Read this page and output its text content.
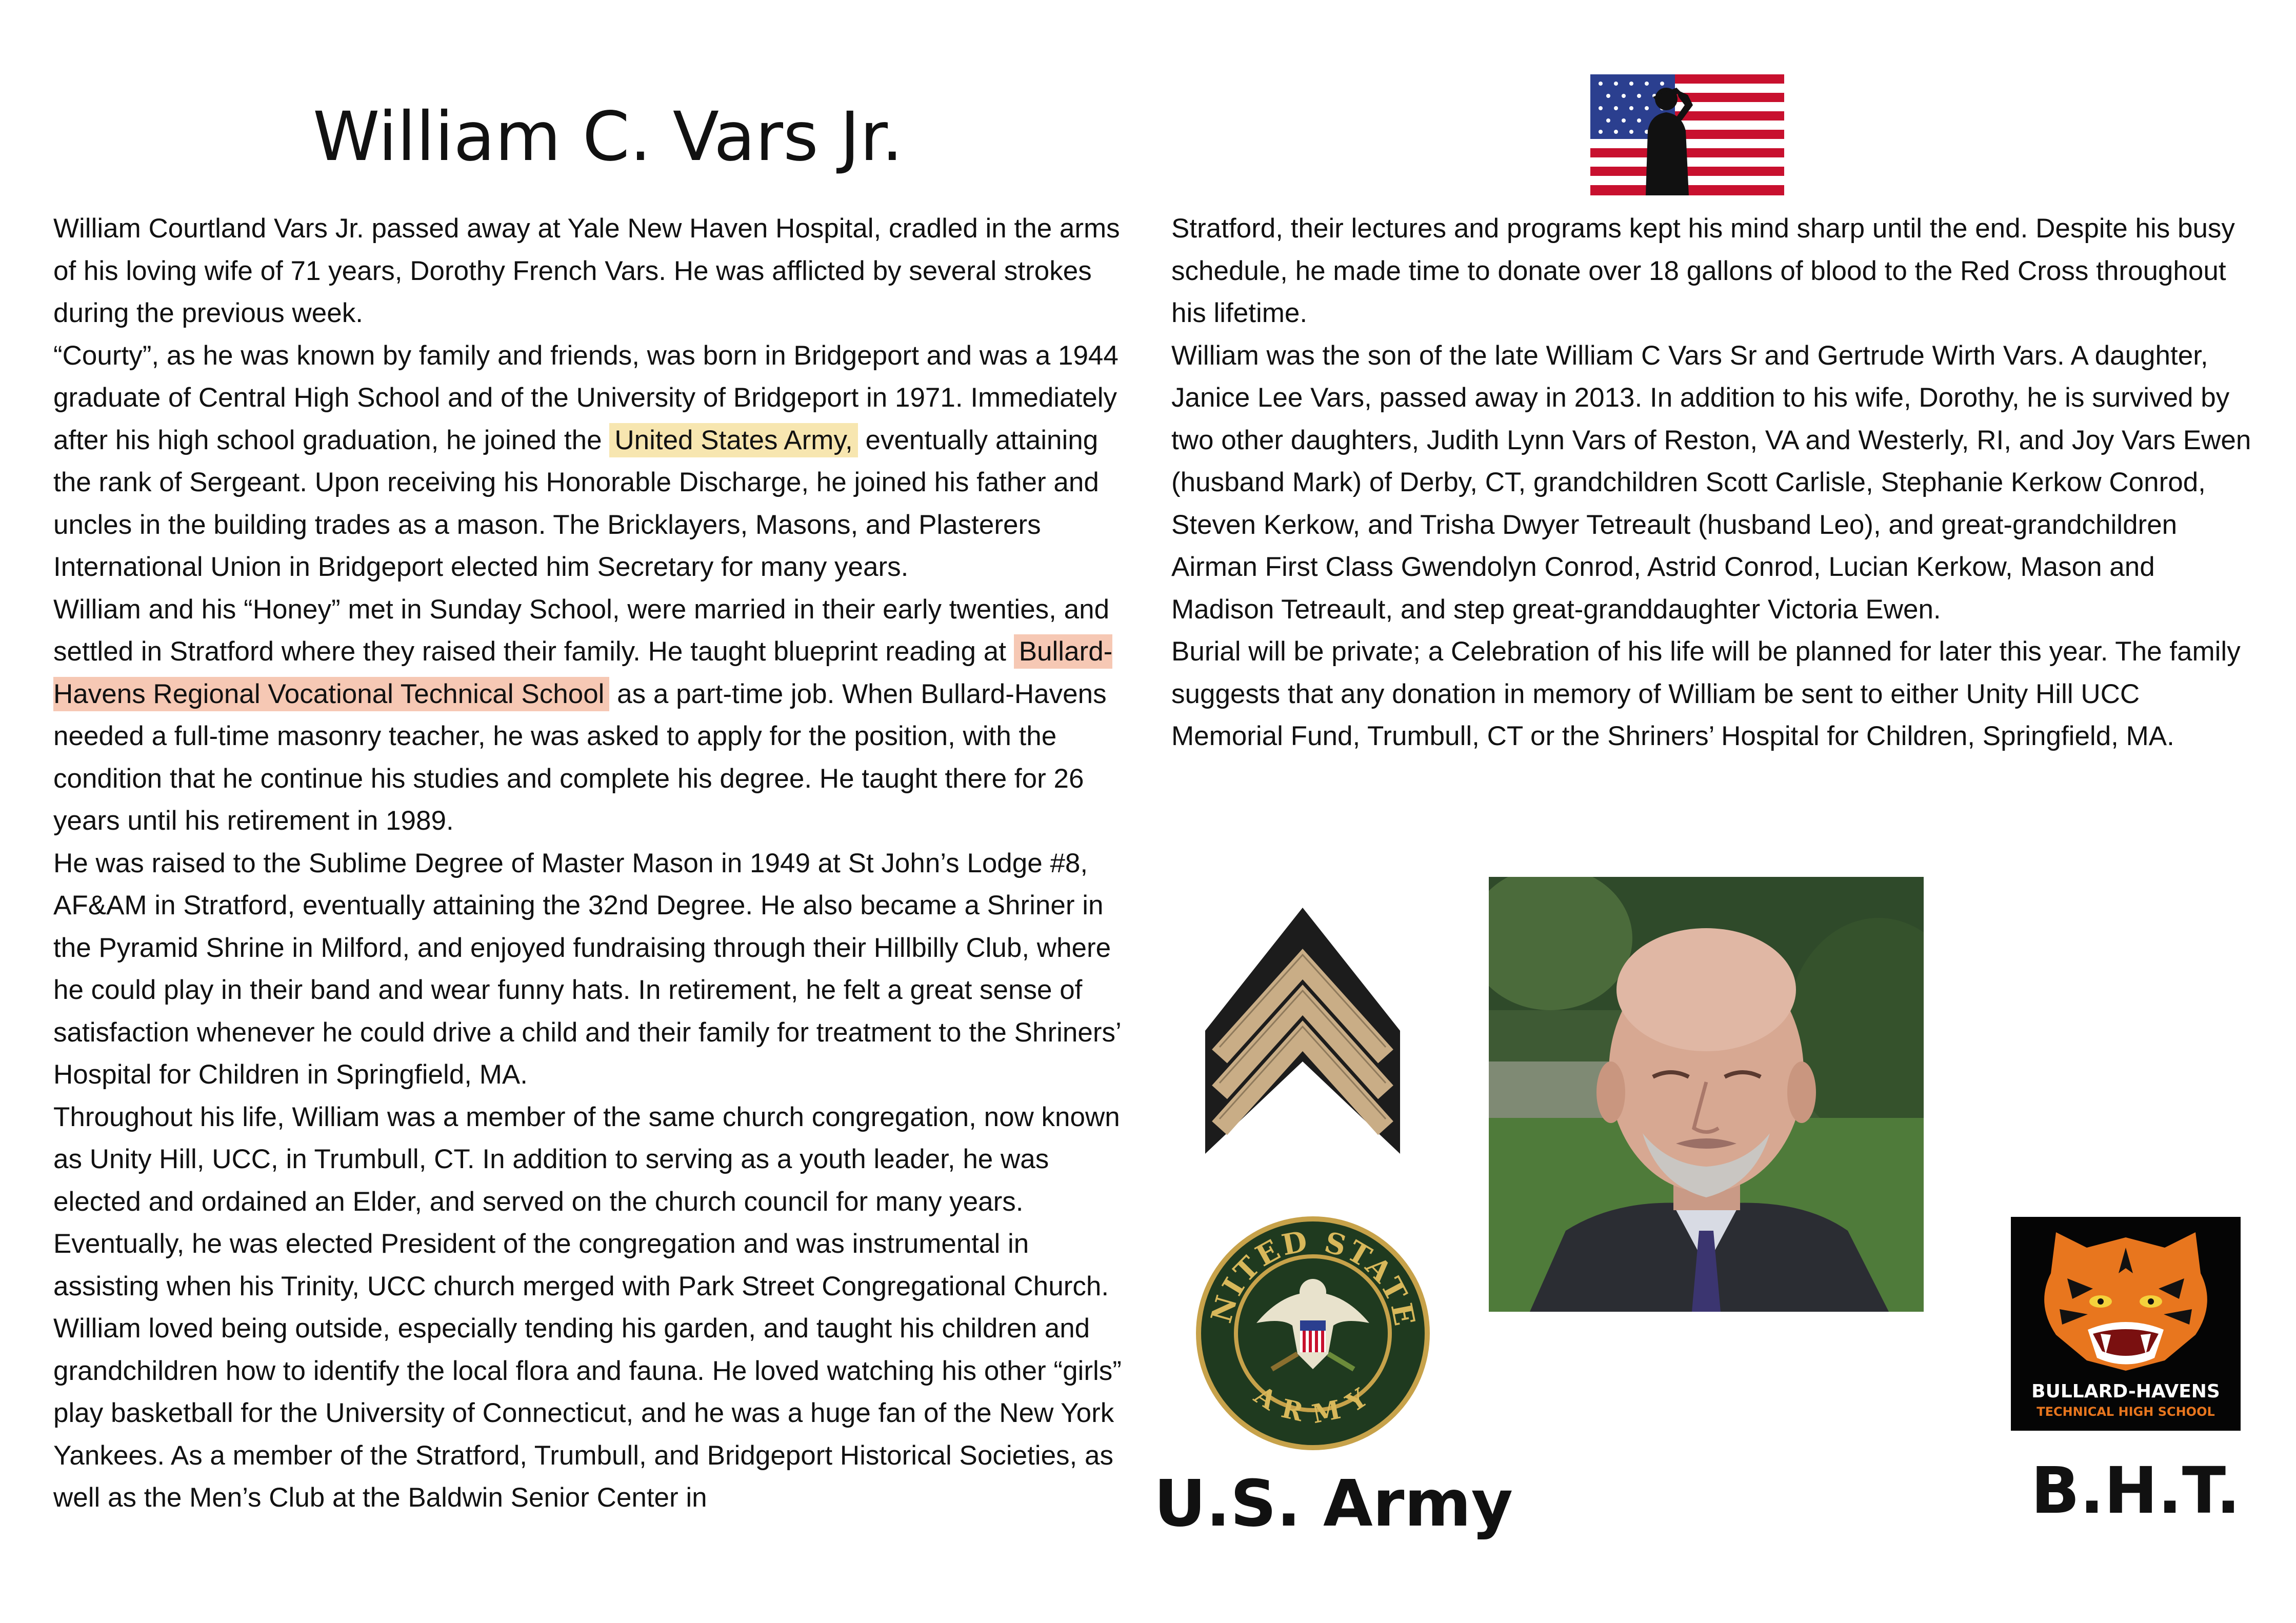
William C. Vars Jr.

William Courtland Vars Jr. passed away at Yale New Haven Hospital, cradled in the arms of his loving wife of 71 years, Dorothy French Vars. He was afflicted by several strokes during the previous week.

“Courty”, as he was known by family and friends, was born in Bridgeport and was a 1944 graduate of Central High School and of the University of Bridgeport in 1971. Immediately after his high school graduation, he joined the United States Army, eventually attaining the rank of Sergeant. Upon receiving his Honorable Discharge, he joined his father and uncles in the building trades as a mason. The Bricklayers, Masons, and Plasterers International Union in Bridgeport elected him Secretary for many years.

William and his “Honey” met in Sunday School, were married in their early twenties, and settled in Stratford where they raised their family. He taught blueprint reading at Bullard-Havens Regional Vocational Technical School as a part-time job. When Bullard-Havens needed a full-time masonry teacher, he was asked to apply for the position, with the condition that he continue his studies and complete his degree. He taught there for 26 years until his retirement in 1989.

He was raised to the Sublime Degree of Master Mason in 1949 at St John’s Lodge #8, AF&AM in Stratford, eventually attaining the 32nd Degree. He also became a Shriner in the Pyramid Shrine in Milford, and enjoyed fundraising through their Hillbilly Club, where he could play in their band and wear funny hats. In retirement, he felt a great sense of satisfaction whenever he could drive a child and their family for treatment to the Shriners’ Hospital for Children in Springfield, MA.

Throughout his life, William was a member of the same church congregation, now known as Unity Hill, UCC, in Trumbull, CT. In addition to serving as a youth leader, he was elected and ordained an Elder, and served on the church council for many years. Eventually, he was elected President of the congregation and was instrumental in assisting when his Trinity, UCC church merged with Park Street Congregational Church.

William loved being outside, especially tending his garden, and taught his children and grandchildren how to identify the local flora and fauna. He loved watching his other “girls” play basketball for the University of Connecticut, and he was a huge fan of the New York Yankees. As a member of the Stratford, Trumbull, and Bridgeport Historical Societies, as well as the Men’s Club at the Baldwin Senior Center in

Stratford, their lectures and programs kept his mind sharp until the end. Despite his busy schedule, he made time to donate over 18 gallons of blood to the Red Cross throughout his lifetime.

William was the son of the late William C Vars Sr and Gertrude Wirth Vars. A daughter, Janice Lee Vars, passed away in 2013. In addition to his wife, Dorothy, he is survived by two other daughters, Judith Lynn Vars of Reston, VA and Westerly, RI, and Joy Vars Ewen (husband Mark) of Derby, CT, grandchildren Scott Carlisle, Stephanie Kerkow Conrod, Steven Kerkow, and Trisha Dwyer Tetreault (husband Leo), and great-grandchildren Airman First Class Gwendolyn Conrod, Astrid Conrod, Lucian Kerkow, Mason and Madison Tetreault, and step great-granddaughter Victoria Ewen.

Burial will be private; a Celebration of his life will be planned for later this year. The family suggests that any donation in memory of William be sent to either Unity Hill UCC Memorial Fund, Trumbull, CT or the Shriners’ Hospital for Children, Springfield, MA.

NITED STATE
ARMY	BULLARD-HAVENS
TECHNICAL HIGH SCHOOL
U.S. Army	B.H.T.
